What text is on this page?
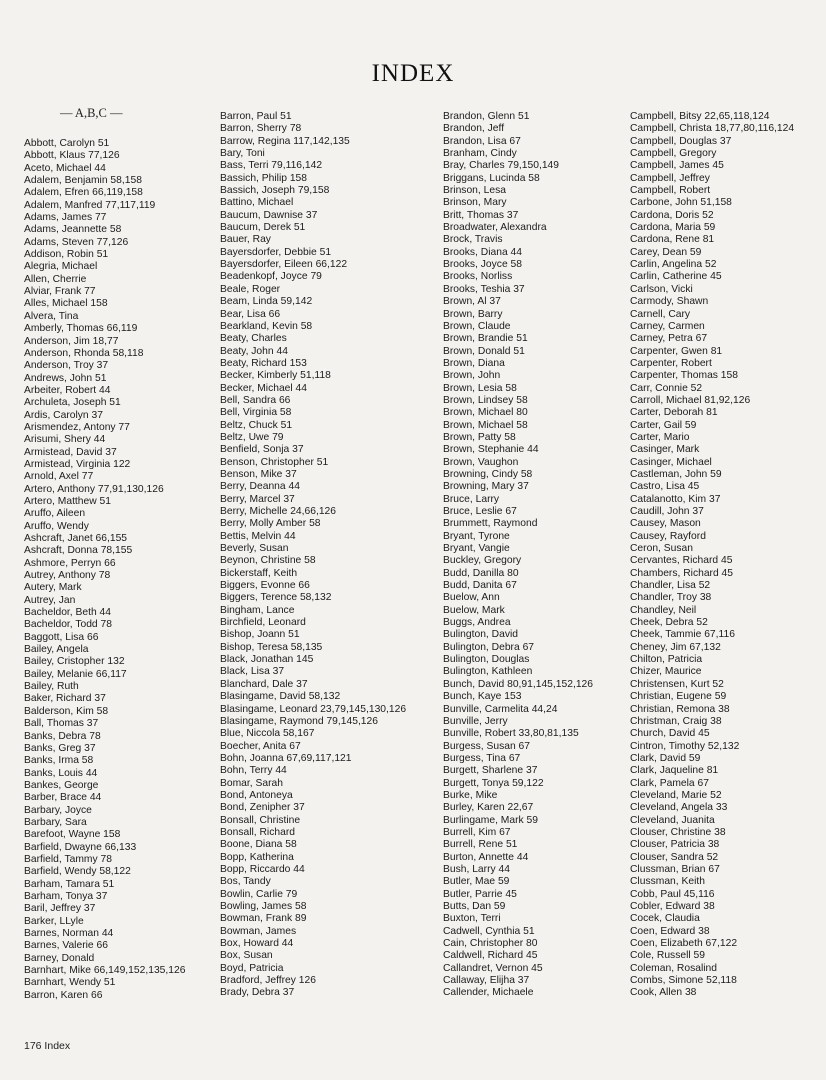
INDEX
— A,B,C —
Abbott, Carolyn 51
Abbott, Klaus 77,126
Aceto, Michael 44
Adalem, Benjamin 58,158
Adalem, Efren 66,119,158
Adalem, Manfred 77,117,119
Adams, James 77
Adams, Jeannette 58
Adams, Steven 77,126
Addison, Robin 51
Alegria, Michael
Allen, Cherrie
Alviar, Frank 77
Alles, Michael 158
Alvera, Tina
Amberly, Thomas 66,119
Anderson, Jim 18,77
Anderson, Rhonda 58,118
Anderson, Troy 37
Andrews, John 51
Arbeiter, Robert 44
Archuleta, Joseph 51
Ardis, Carolyn 37
Arismendez, Antony 77
Arisumi, Shery 44
Armistead, David 37
Armistead, Virginia 122
Arnold, Axel 77
Artero, Anthony 77,91,130,126
Artero, Matthew 51
Aruffo, Aileen
Aruffo, Wendy
Ashcraft, Janet 66,155
Ashcraft, Donna 78,155
Ashmore, Perryn 66
Autrey, Anthony 78
Autery, Mark
Autrey, Jan
Bacheldor, Beth 44
Bacheldor, Todd 78
Baggott, Lisa 66
Bailey, Angela
Bailey, Cristopher 132
Bailey, Melanie 66,117
Bailey, Ruth
Baker, Richard 37
Balderson, Kim 58
Ball, Thomas 37
Banks, Debra 78
Banks, Greg 37
Banks, Irma 58
Banks, Louis 44
Bankes, George
Barber, Brace 44
Barbary, Joyce
Barbary, Sara
Barefoot, Wayne 158
Barfield, Dwayne 66,133
Barfield, Tammy 78
Barfield, Wendy 58,122
Barham, Tamara 51
Barham, Tonya 37
Baril, Jeffrey 37
Barker, LLyle
Barnes, Norman 44
Barnes, Valerie 66
Barney, Donald
Barnhart, Mike 66,149,152,135,126
Barnhart, Wendy 51
Barron, Karen 66
Barron, Paul 51
Barron, Sherry 78
Barrow, Regina 117,142,135
Bary, Toni
Bass, Terri 79,116,142
Bassich, Philip 158
Bassich, Joseph 79,158
Battino, Michael
Baucum, Dawnise 37
Baucum, Derek 51
Bauer, Ray
Bayersdorfer, Debbie 51
Bayersdorfer, Eileen 66,122
Beadenkopf, Joyce 79
Beale, Roger
Beam, Linda 59,142
Bear, Lisa 66
Bearkland, Kevin 58
Beaty, Charles
Beaty, John 44
Beaty, Richard 153
Becker, Kimberly 51,118
Becker, Michael 44
Bell, Sandra 66
Bell, Virginia 58
Beltz, Chuck 51
Beltz, Uwe 79
Benfield, Sonja 37
Benson, Christopher 51
Benson, Mike 37
Berry, Deanna 44
Berry, Marcel 37
Berry, Michelle 24,66,126
Berry, Molly Amber 58
Bettis, Melvin 44
Beverly, Susan
Beynon, Christine 58
Bickerstaff, Keith
Biggers, Evonne 66
Biggers, Terence 58,132
Bingham, Lance
Birchfield, Leonard
Bishop, Joann 51
Bishop, Teresa 58,135
Black, Jonathan 145
Black, Lisa 37
Blanchard, Dale 37
Blasingame, David 58,132
Blasingame, Leonard 23,79,145,130,126
Blasingame, Raymond 79,145,126
Blue, Niccola 58,167
Boecher, Anita 67
Bohn, Joanna 67,69,117,121
Bohn, Terry 44
Bomar, Sarah
Bond, Antoneya
Bond, Zenipher 37
Bonsall, Christine
Bonsall, Richard
Boone, Diana 58
Bopp, Katherina
Bopp, Riccardo 44
Bos, Tandy
Bowlin, Carlie 79
Bowling, James 58
Bowman, Frank 89
Bowman, James
Box, Howard 44
Box, Susan
Boyd, Patricia
Bradford, Jeffrey 126
Brady, Debra 37
Brandon, Glenn 51
Brandon, Jeff
Brandon, Lisa 67
Branham, Cindy
Bray, Charles 79,150,149
Briggans, Lucinda 58
Brinson, Lesa
Brinson, Mary
Britt, Thomas 37
Broadwater, Alexandra
Brock, Travis
Brooks, Diana 44
Brooks, Joyce 58
Brooks, Norliss
Brooks, Teshia 37
Brown, Al 37
Brown, Barry
Brown, Claude
Brown, Brandie 51
Brown, Donald 51
Brown, Diana
Brown, John
Brown, Lesia 58
Brown, Lindsey 58
Brown, Michael 80
Brown, Michael 58
Brown, Patty 58
Brown, Stephanie 44
Brown, Vaughon
Browning, Cindy 58
Browning, Mary 37
Bruce, Larry
Bruce, Leslie 67
Brummett, Raymond
Bryant, Tyrone
Bryant, Vangie
Buckley, Gregory
Budd, Danilla 80
Budd, Danita 67
Buelow, Ann
Buelow, Mark
Buggs, Andrea
Bulington, David
Bulington, Debra 67
Bulington, Douglas
Bulington, Kathleen
Bunch, David 80,91,145,152,126
Bunch, Kaye 153
Bunville, Carmelita 44,24
Bunville, Jerry
Bunville, Robert 33,80,81,135
Burgess, Susan 67
Burgess, Tina 67
Burgett, Sharlene 37
Burgett, Tonya 59,122
Burke, Mike
Burley, Karen 22,67
Burlingame, Mark 59
Burrell, Kim 67
Burrell, Rene 51
Burton, Annette 44
Bush, Larry 44
Butler, Mae 59
Butler, Parrie 45
Butts, Dan 59
Buxton, Terri
Cadwell, Cynthia 51
Cain, Christopher 80
Caldwell, Richard 45
Callandret, Vernon 45
Callaway, Elijha 37
Callender, Michaele
Campbell, Bitsy 22,65,118,124
Campbell, Christa 18,77,80,116,124
Campbell, Douglas 37
Campbell, Gregory
Campbell, James 45
Campbell, Jeffrey
Campbell, Robert
Carbone, John 51,158
Cardona, Doris 52
Cardona, Maria 59
Cardona, Rene 81
Carey, Dean 59
Carlin, Angelina 52
Carlin, Catherine 45
Carlson, Vicki
Carmody, Shawn
Carnell, Cary
Carney, Carmen
Carney, Petra 67
Carpenter, Gwen 81
Carpenter, Robert
Carpenter, Thomas 158
Carr, Connie 52
Carroll, Michael 81,92,126
Carter, Deborah 81
Carter, Gail 59
Carter, Mario
Casinger, Mark
Casinger, Michael
Castleman, John 59
Castro, Lisa 45
Catalanotto, Kim 37
Caudill, John 37
Causey, Mason
Causey, Rayford
Ceron, Susan
Cervantes, Richard 45
Chambers, Richard 45
Chandler, Lisa 52
Chandler, Troy 38
Chandley, Neil
Cheek, Debra 52
Cheek, Tammie 67,116
Cheney, Jim 67,132
Chilton, Patricia
Chizer, Maurice
Christensen, Kurt 52
Christian, Eugene 59
Christian, Remona 38
Christman, Craig 38
Church, David 45
Cintron, Timothy 52,132
Clark, David 59
Clark, Jaqueline 81
Clark, Pamela 67
Cleveland, Marie 52
Cleveland, Angela 33
Cleveland, Juanita
Clouser, Christine 38
Clouser, Patricia 38
Clouser, Sandra 52
Clussman, Brian 67
Clussman, Keith
Cobb, Paul 45,116
Cobler, Edward 38
Cocek, Claudia
Coen, Edward 38
Coen, Elizabeth 67,122
Cole, Russell 59
Coleman, Rosalind
Combs, Simone 52,118
Cook, Allen 38
176 Index
